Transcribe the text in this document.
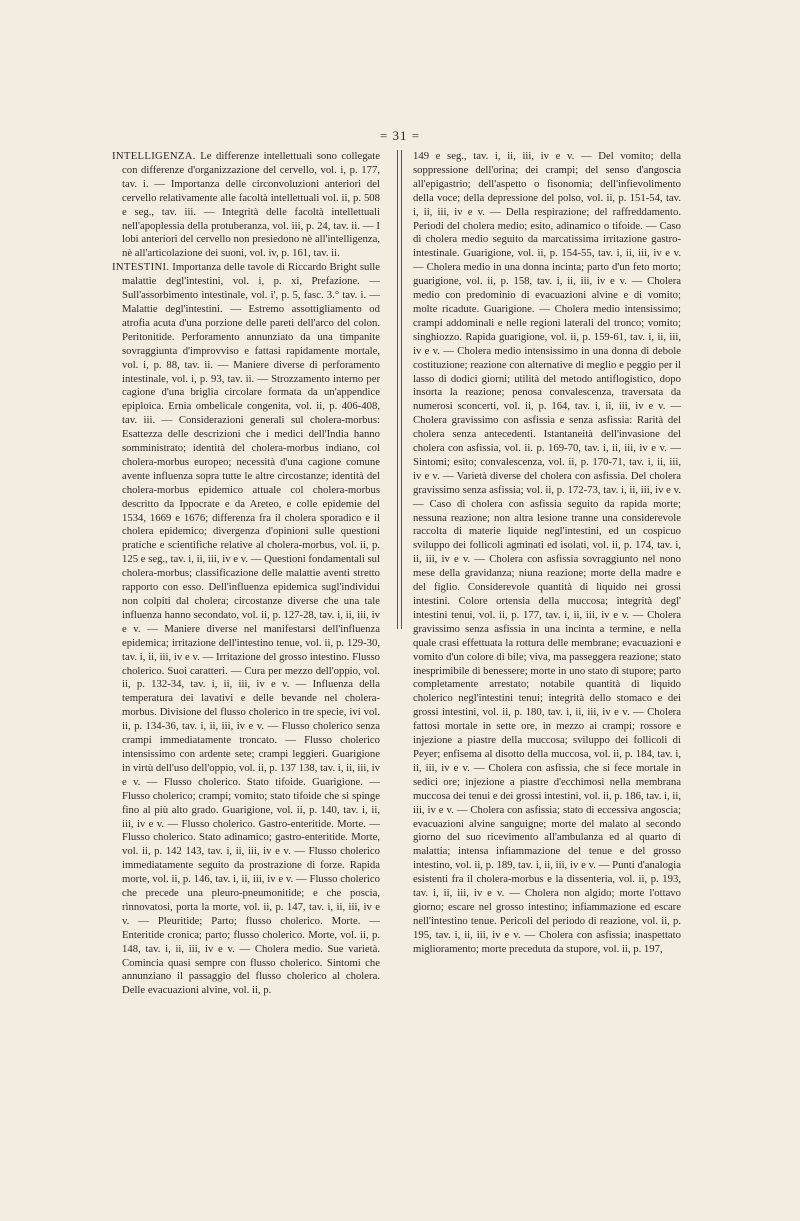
= 31 =

INTELLIGENZA. Le differenze intellettuali sono collegate con differenze d'organizzazione del cervello, vol. i, p. 177, tav. i. — Importanza delle circonvoluzioni anteriori del cervello relativamente alle facoltà intellettuali vol. ii, p. 508 e seg., tav. iii. — Integrità delle facoltà intellettuali nell'apoplessia della protuberanza, vol. iii, p. 24, tav. ii. — I lobi anteriori del cervello non presiedono nè all'intelligenza, nè all'articolazione dei suoni, vol. iv, p. 161, tav. ii.

INTESTINI. Importanza delle tavole di Riccardo Bright sulle malattie degl'intestini, vol. i, p. xi, Prefazione. — Sull'assorbimento intestinale, vol. i', p. 5, fasc. 3.° tav. i. — Malattie degl'intestini. — Estremo assottigliamento od atrofia acuta d'una porzione delle pareti dell'arco del colon. Peritonitide. Perforamento annunziato da una timpanite sovraggiunta d'improvviso e fattasi rapidamente mortale, vol. i, p. 88, tav. ii. — Maniere diverse di perforamento intestinale, vol. i, p. 93, tav. ii. — Strozzamento interno per cagione d'una briglia circolare formata da un'appendice epiploica. Ernia ombelicale congenita, vol. ii, p. 406-408, tav. iii. — Considerazioni generali sul cholera-morbus: Esattezza delle descrizioni che i medici dell'India hanno somministrato; identità del cholera-morbus indiano, col cholera-morbus europeo; necessità d'una cagione comune avente influenza sopra tutte le altre circostanze; identità del cholera-morbus epidemico attuale col cholera-morbus descritto da Ippocrate e da Areteo, e colle epidemie del 1534, 1669 e 1676; differenza fra il cholera sporadico e il cholera epidemico; divergenza d'opinioni sulle questioni pratiche e scientifiche relative al cholera-morbus, vol. ii, p. 125 e seg., tav. i, ii, iii, iv e v. — Questioni fondamentali sul cholera-morbus; classificazione delle malattie aventi stretto rapporto con esso. Dell'influenza epidemica sugl'individui non colpiti dal cholera; circostanze diverse che una tale influenza hanno secondato, vol. ii, p. 127-28, tav. i, ii, iii, iv e v. — Maniere diverse nel manifestarsi dell'influenza epidemica; irritazione dell'intestino tenue, vol. ii, p. 129-30, tav. i, ii, iii, iv e v. — Irritazione del grosso intestino. Flusso cholerico. Suoi caratteri. — Cura per mezzo dell'oppio, vol. ii, p. 132-34, tav. i, ii, iii, iv e v. — Influenza della temperatura dei lavativi e delle bevande nel cholera-morbus. Divisione del flusso cholerico in tre specie, ivi vol. ii, p. 134-36, tav. i, ii, iii, iv e v. — Flusso cholerico senza crampi immediatamente troncato. — Flusso cholerico intensissimo con ardente sete; crampi leggieri. Guarigione in virtù dell'uso dell'oppio, vol. ii, p. 137 138, tav. i, ii, iii, iv e v. — Flusso cholerico. Stato tifoide. Guarigione. — Flusso cholerico; crampi; vomito; stato tifoide che si spinge fino al più alto grado. Guarigione, vol. ii, p. 140, tav. i, ii, iii, iv e v. — Flusso cholerico. Gastro-enteritide. Morte. — Flusso cholerico. Stato adinamico; gastro-enteritide. Morte, vol. ii, p. 142 143, tav. i, ii, iii, iv e v. — Flusso cholerico immediatamente seguito da prostrazione di forze. Rapida morte, vol. ii, p. 146, tav. i, ii, iii, iv e v. — Flusso cholerico che precede una pleuro-pneumonitide; e che poscia, rinnovatosi, porta la morte, vol. ii, p. 147, tav. i, ii, iii, iv e v. — Pleuritide; Parto; flusso cholerico. Morte. — Enteritide cronica; parto; flusso cholerico. Morte, vol. ii, p. 148, tav. i, ii, iii, iv e v. — Cholera medio. Sue varietà. Comincia quasi sempre con flusso cholerico. Sintomi che annunziano il passaggio del flusso cholerico al cholera. Delle evacuazioni alvine, vol. ii, p.

149 e seg., tav. i, ii, iii, iv e v. — Del vomito; della soppressione dell'orina; dei crampi; del senso d'angoscia all'epigastrio; dell'aspetto o fisonomia; dell'infievolimento della voce; della depressione del polso, vol. ii, p. 151-54, tav. i, ii, iii, iv e v. — Della respirazione; del raffreddamento. Periodi del cholera medio; esito, adinamico o tifoide. — Caso di cholera medio seguito da marcatissima irritazione gastro-intestinale. Guarigione, vol. ii, p. 154-55, tav. i, ii, iii, iv e v. — Cholera medio in una donna incinta; parto d'un feto morto; guarigione, vol. ii, p. 158, tav. i, ii, iii, iv e v. — Cholera medio con predominio di evacuazioni alvine e di vomito; molte ricadute. Guarigione. — Cholera medio intensissimo; crampi addominali e nelle regioni laterali del tronco; vomito; singhiozzo. Rapida guarigione, vol. ii, p. 159-61, tav. i, ii, iii, iv e v. — Cholera medio intensissimo in una donna di debole costituzione; reazione con alternative di meglio e peggio per il lasso di dodici giorni; utilità del metodo antiflogistico, dopo insorta la reazione; penosa convalescenza, traversata da numerosi sconcerti, vol. ii, p. 164, tav. i, ii, iii, iv e v. — Cholera gravissimo con asfissia e senza asfissia: Rarità del cholera senza antecedenti. Istantaneità dell'invasione del cholera con asfissia, vol. ii. p. 169-70, tav. i, ii, iii, iv e v. — Sintomi; esito; convalescenza, vol. ii, p. 170-71, tav. i, ii, iii, iv e v. — Varietà diverse del cholera con asfissia. Del cholera gravissimo senza asfissia; vol. ii, p. 172-73, tav. i, ii, iii, iv e v. — Caso di cholera con asfissia seguito da rapida morte; nessuna reazione; non altra lesione tranne una considerevole raccolta di materie liquide negl'intestini, ed un cospicuo sviluppo dei follicoli agminati ed isolati, vol. ii, p. 174, tav. i, ii, iii, iv e v. — Cholera con asfissia sovraggiunto nel nono mese della gravidanza; niuna reazione; morte della madre e del figlio. Considerevole quantità di liquido nei grossi intestini. Colore ortensia della muccosa; integrità degl' intestini tenui, vol. ii, p. 177, tav. i, ii, iii, iv e v. — Cholera gravissimo senza asfissia in una incinta a termine, e nella quale crasi effettuata la rottura delle membrane; evacuazioni e vomito d'un colore di bile; viva, ma passeggera reazione; stato inesprimibile di benessere; morte in uno stato di stupore; parto completamente arrestato; notabile quantità di liquido cholerico negl'intestini tenui; integrità dello stomaco e dei grossi intestini, vol. ii, p. 180, tav. i, ii, iii, iv e v. — Cholera fattosi mortale in sette ore, in mezzo ai crampi; rossore e injezione a piastre della muccosa; sviluppo dei follicoli di Peyer; enfisema al disotto della muccosa, vol. ii, p. 184, tav. i, ii, iii, iv e v. — Cholera con asfissia, che si fece mortale in sedici ore; injezione a piastre d'ecchimosi nella membrana muccosa dei tenui e dei grossi intestini, vol. ii, p. 186, tav. i, ii, iii, iv e v. — Cholera con asfissia; stato di eccessiva angoscia; evacuazioni alvine sanguigne; morte del malato al secondo giorno del suo ricevimento all'ambulanza ed al quarto di malattia; intensa infiammazione del tenue e del grosso intestino, vol. ii, p. 189, tav. i, ii, iii, iv e v. — Punti d'analogia esistenti fra il cholera-morbus e la dissenteria, vol. ii, p. 193, tav. i, ii, iii, iv e v. — Cholera non algido; morte l'ottavo giorno; escare nel grosso intestino; infiammazione ed escare nell'intestino tenue. Pericoli del periodo di reazione, vol. ii, p. 195, tav. i, ii, iii, iv e v. — Cholera con asfissia; inaspettato miglioramento; morte preceduta da stupore, vol. ii, p. 197,
